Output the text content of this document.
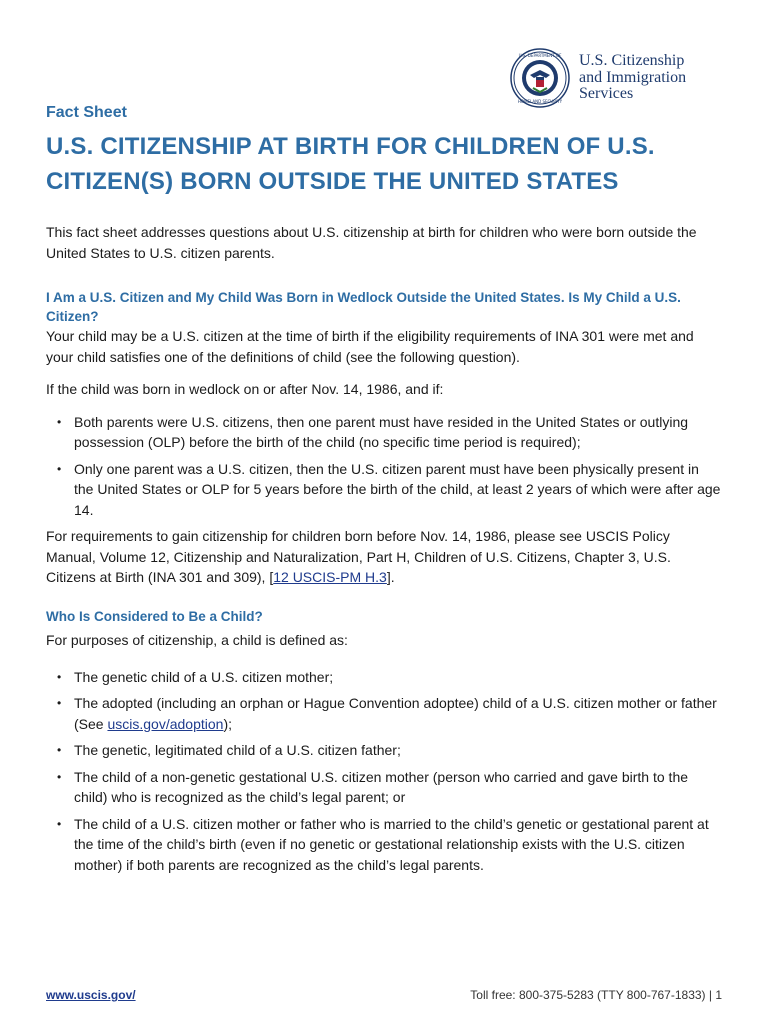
U.S. DEPARTMENT OF
HOMELAND SECURITY
U.S. Citizenship
and Immigration
Services
Fact Sheet
U.S. CITIZENSHIP AT BIRTH FOR CHILDREN OF U.S. CITIZEN(S) BORN OUTSIDE THE UNITED STATES

This fact sheet addresses questions about U.S. citizenship at birth for children who were born outside the United States to U.S. citizen parents.

I Am a U.S. Citizen and My Child Was Born in Wedlock Outside the United States. Is My Child a U.S. Citizen?

Your child may be a U.S. citizen at the time of birth if the eligibility requirements of INA 301 were met and your child satisfies one of the definitions of child (see the following question).

If the child was born in wedlock on or after Nov. 14, 1986, and if:

• Both parents were U.S. citizens, then one parent must have resided in the United States or outlying possession (OLP) before the birth of the child (no specific time period is required);
• Only one parent was a U.S. citizen, then the U.S. citizen parent must have been physically present in the United States or OLP for 5 years before the birth of the child, at least 2 years of which were after age 14.

For requirements to gain citizenship for children born before Nov. 14, 1986, please see USCIS Policy Manual, Volume 12, Citizenship and Naturalization, Part H, Children of U.S. Citizens, Chapter 3, U.S. Citizens at Birth (INA 301 and 309), [12 USCIS-PM H.3].

Who Is Considered to Be a Child?

For purposes of citizenship, a child is defined as:

• The genetic child of a U.S. citizen mother;
• The adopted (including an orphan or Hague Convention adoptee) child of a U.S. citizen mother or father (See uscis.gov/adoption);
• The genetic, legitimated child of a U.S. citizen father;
• The child of a non-genetic gestational U.S. citizen mother (person who carried and gave birth to the child) who is recognized as the child’s legal parent; or
• The child of a U.S. citizen mother or father who is married to the child’s genetic or gestational parent at the time of the child’s birth (even if no genetic or gestational relationship exists with the U.S. citizen mother) if both parents are recognized as the child’s legal parents.
www.uscis.gov/	Toll free: 800-375-5283 (TTY 800-767-1833) | 1
